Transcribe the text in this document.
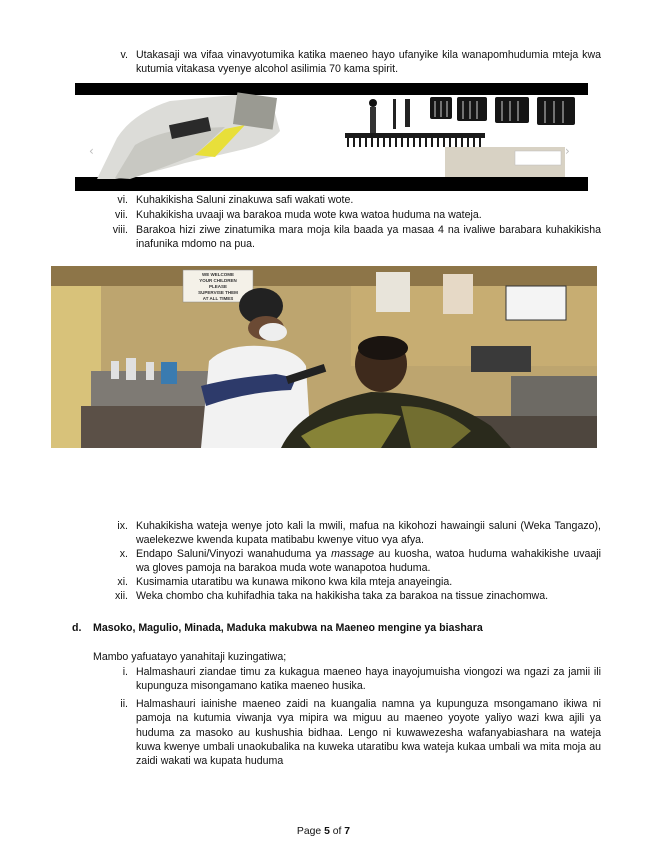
v. Utakasaji wa vifaa vinavyotumika katika maeneo hayo ufanyike kila wanapomhudumia mteja kwa kutumia vitakasa vyenye alcohol asilimia 70 kama spirit.
‹	›
vi. Kuhakikisha Saluni zinakuwa safi wakati wote.
vii. Kuhakikisha uvaaji wa barakoa muda wote kwa watoa huduma na wateja.
viii. Barakoa hizi ziwe zinatumika mara moja kila baada ya masaa 4 na ivaliwe barabara kuhakikisha inafunika mdomo na pua.
WE WELCOME
YOUR CHILDREN
PLEASE
SUPERVISE THEM
AT ALL TIMES
ix. Kuhakikisha wateja wenye joto kali la mwili, mafua na kikohozi hawaingii saluni (Weka Tangazo), waelekezwe kwenda kupata matibabu kwenye vituo vya afya.
x. Endapo Saluni/Vinyozi wanahuduma ya massage au kuosha, watoa huduma wahakikishe uvaaji wa gloves pamoja na barakoa muda wote wanapotoa huduma.
xi. Kusimamia utaratibu wa kunawa mikono kwa kila mteja anayeingia.
xii. Weka chombo cha kuhifadhia taka na hakikisha taka za barakoa na tissue zinachomwa.
d. Masoko, Magulio, Minada, Maduka makubwa na Maeneo mengine ya biashara
Mambo yafuatayo yanahitaji kuzingatiwa;
i. Halmashauri ziandae timu za kukagua maeneo haya inayojumuisha viongozi wa ngazi za jamii ili kupunguza misongamano katika maeneo husika.
ii. Halmashauri iainishe maeneo zaidi na kuangalia namna ya kupunguza msongamano ikiwa ni pamoja na kutumia viwanja vya mipira wa miguu au maeneo yoyote yaliyo wazi kwa ajili ya huduma za masoko au kushushia bidhaa. Lengo ni kuwawezesha wafanyabiashara na wateja kuwa kwenye umbali unaokubalika na kuweka utaratibu kwa wateja kukaa umbali wa mita moja au zaidi wakati wa kupata huduma
Page 5 of 7
